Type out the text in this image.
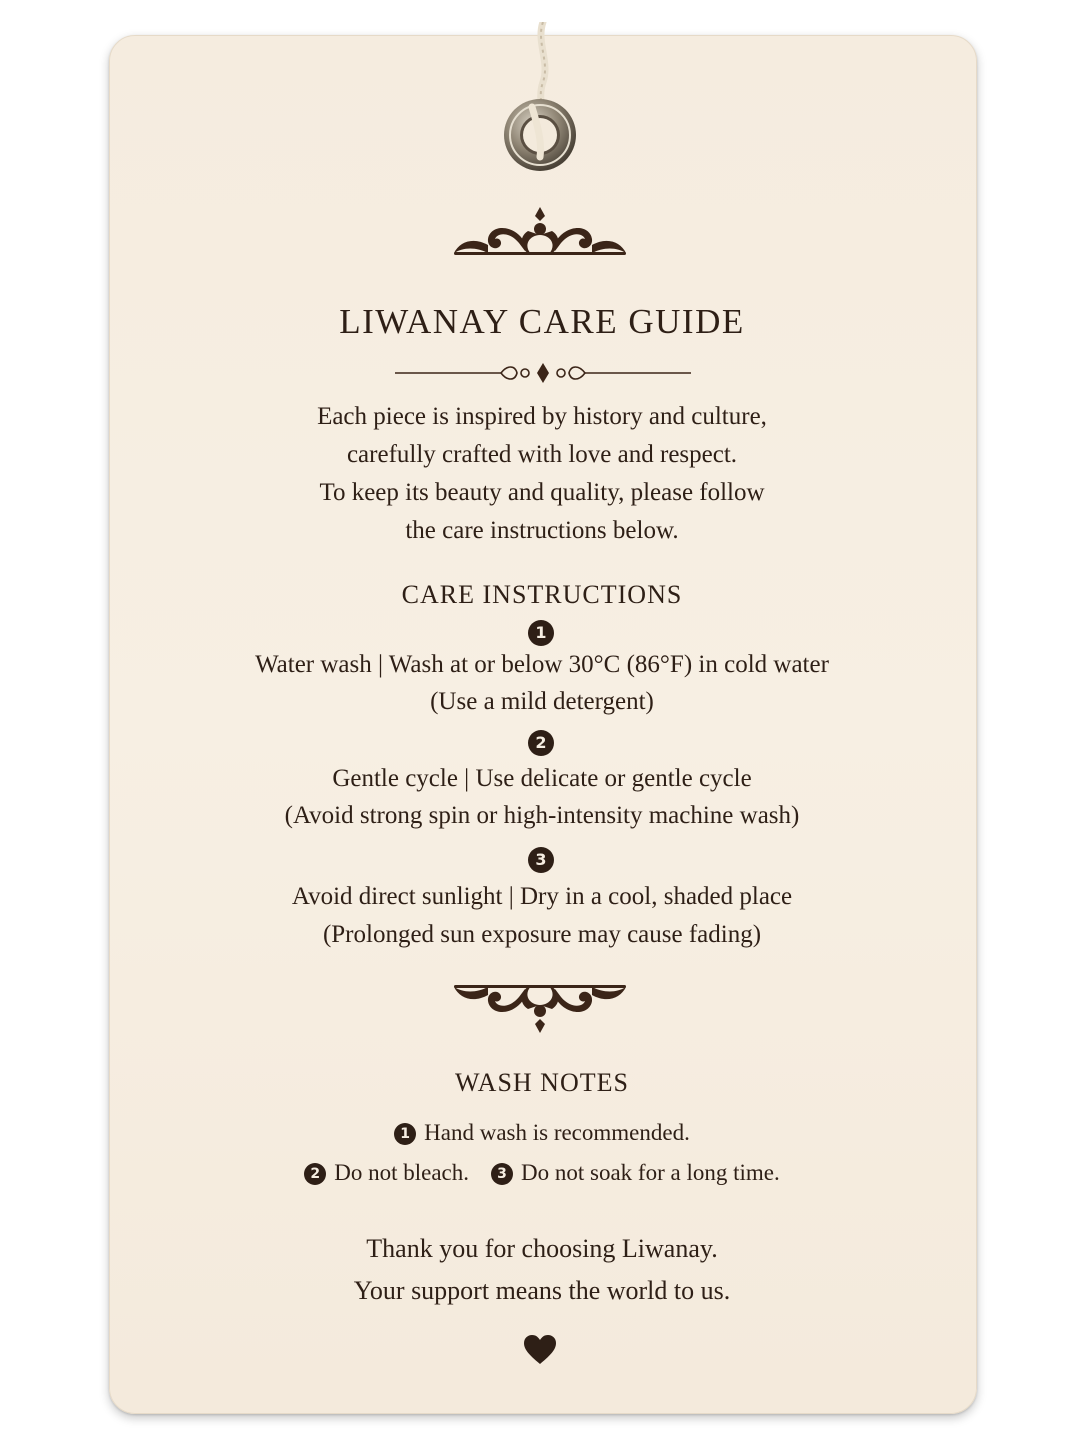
LIWANAY CARE GUIDE
Each piece is inspired by history and culture,
carefully crafted with love and respect.
To keep its beauty and quality, please follow
the care instructions below.
CARE INSTRUCTIONS
1
Water wash | Wash at or below 30°C (86°F) in cold water
(Use a mild detergent)
2
Gentle cycle | Use delicate or gentle cycle
(Avoid strong spin or high-intensity machine wash)
3
Avoid direct sunlight | Dry in a cool, shaded place
(Prolonged sun exposure may cause fading)
WASH NOTES
1 Hand wash is recommended.
2 Do not bleach. 3 Do not soak for a long time.
Thank you for choosing Liwanay.
Your support means the world to us.
